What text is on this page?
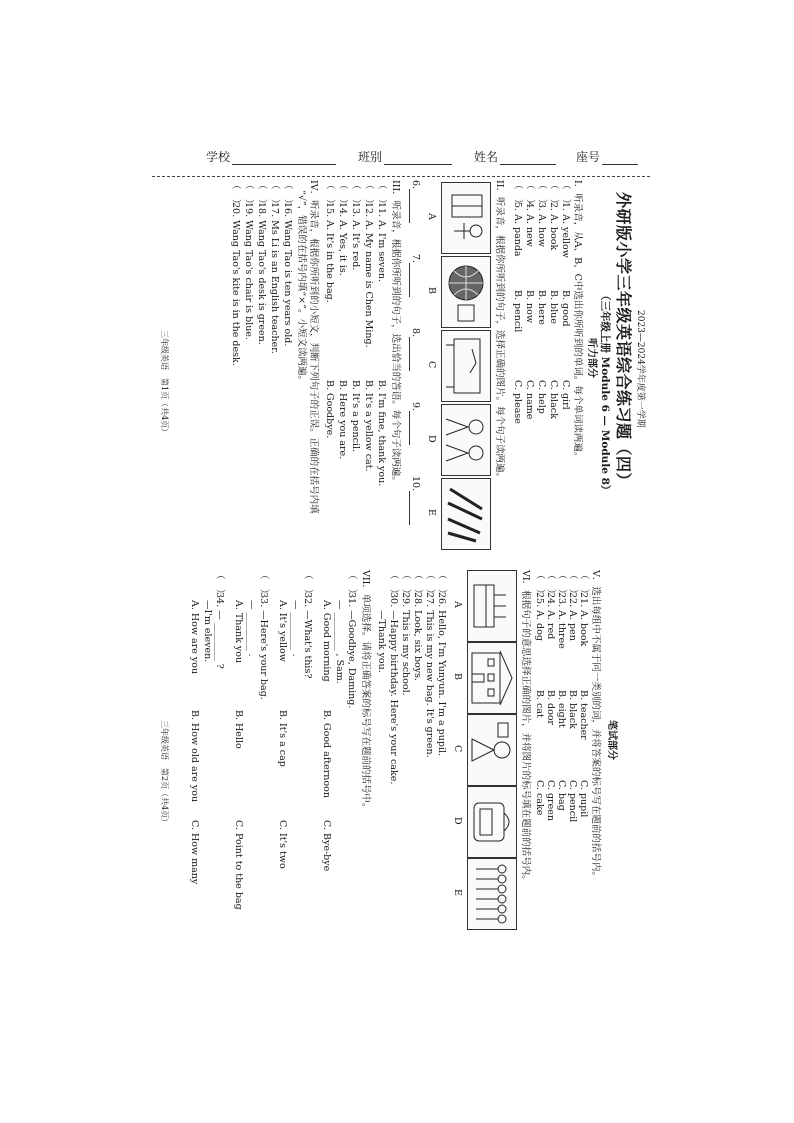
学校	班别	姓名	座号
2023—2024学年度第一学期
外研版小学三年级英语综合练习题（四）
（三年级上册 Module 6 — Module 8）
听力部分
I．听录音，从A、B、C中选出你所听到的单词。每个单词读两遍。
（　）
1. A. yellow
B. good
C. girl
（　）
2. A. book
B. blue
C. black
（　）
3. A. how
B. here
C. help
（　）
4. A. new
B. now
C. name
（　）
5. A. panda
B. pencil
C. please
II．听录音，根据你所听到的句子，选择正确的图片。每个句子读两遍。
A
B
C
D
E
6.
7.
8.
9.
10.
III．听录音，根据你所听到的句子，选出恰当的答语。每个句子读两遍。
（　）
11. A. I'm seven.
B. I'm fine, thank you.
（　）
12. A. My name is Chen Ming.
B. It's a yellow cat.
（　）
13. A. It's red.
B. It's a pencil.
（　）
14. A. Yes, it is.
B. Here you are.
（　）
15. A. It's in the bag.
B. Goodbye.
IV．听录音，根据你所听到的小短文，判断下列句子的正误。正确的在括号内填
“√”，错误的在括号内填“×”。小短文读两遍。
（　）
16. Wang Tao is ten years old.
（　）
17. Ms Li is an English teacher.
（　）
18. Wang Tao's desk is green.
（　）
19. Wang Tao's chair is blue.
（　）
20. Wang Tao's kite is in the desk.
三年级英语　第1页（共4页）
笔试部分
V．选出每组中不属于同一类别的词，并将答案的标号写在题前的括号内。
（　）
21. A. book
B. teacher
C. pupil
（　）
22. A. pen
B. black
C. pencil
（　）
23. A. three
B. eight
C. bag
（　）
24. A. red
B. door
C. green
（　）
25. A. dog
B. cat
C. cake
VI．根据句子的意思选择正确的图片，并将图片的标号填在题前的括号内。
A
B
C
D
E
（　）
26. Hello, I'm Yunyun. I'm a pupil.
（　）
27. This is my new bag. It's green.
（　）
28. Look, six boys.
（　）
29. This is my school.
（　）
30. —Happy birthday. Here's your cake.
—Thank you.
VII．单项选择。请将正确答案的标号写在题前的括号中。
（　）
31. —Goodbye, Daming.
— ________ , Sam.
A. Good morning
B. Good afternoon
C. Bye-bye
（　）
32. —What's this?
— ________ .
A. It's yellow
B. It's a cap
C. It's two
（　）
33. —Here's your bag.
— ________ .
A. Thank you
B. Hello
C. Point to the bag
（　）
34. — ________ ?
—I'm eleven.
A. How are you
B. How old are you
C. How many
三年级英语　第2页（共4页）
